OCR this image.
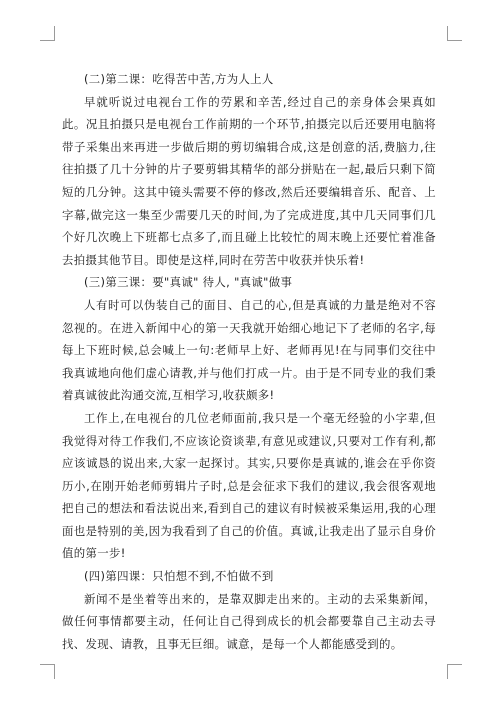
(二)第二课：吃得苦中苦,方为人上人

早就听说过电视台工作的劳累和辛苦,经过自己的亲身体会果真如此。况且拍摄只是电视台工作前期的一个环节,拍摄完以后还要用电脑将带子采集出来再进一步做后期的剪切编辑合成,这是创意的活,费脑力,往往拍摄了几十分钟的片子要剪辑其精华的部分拼贴在一起,最后只剩下简短的几分钟。这其中镜头需要不停的修改,然后还要编辑音乐、配音、上字幕,做完这一集至少需要几天的时间,为了完成进度,其中几天同事们几个好几次晚上下班都七点多了,而且碰上比较忙的周末晚上还要忙着准备去拍摄其他节目。即使是这样,同时在劳苦中收获并快乐着!

(三)第三课：要"真诚" 待人, "真诚"做事

人有时可以伪装自己的面目、自己的心,但是真诚的力量是绝对不容忽视的。在进入新闻中心的第一天我就开始细心地记下了老师的名字,每每上下班时候,总会喊上一句:老师早上好、老师再见!在与同事们交往中我真诚地向他们虚心请教,并与他们打成一片。由于是不同专业的我们秉着真诚彼此沟通交流,互相学习,收获颇多!

工作上,在电视台的几位老师面前,我只是一个毫无经验的小字辈,但我觉得对待工作我们,不应该论资谈辈,有意见或建议,只要对工作有利,都应该诚恳的说出来,大家一起探讨。其实,只要你是真诚的,谁会在乎你资历小,在刚开始老师剪辑片子时,总是会征求下我们的建议,我会很客观地把自己的想法和看法说出来,看到自己的建议有时候被采集运用,我的心理面也是特别的美,因为我看到了自己的价值。真诚,让我走出了显示自身价值的第一步!

(四)第四课：只怕想不到,不怕做不到

新闻不是坐着等出来的，是靠双脚走出来的。主动的去采集新闻，做任何事情都要主动，任何让自己得到成长的机会都要靠自己主动去寻找、发现、请教，且事无巨细。诚意，是每一个人都能感受到的。
